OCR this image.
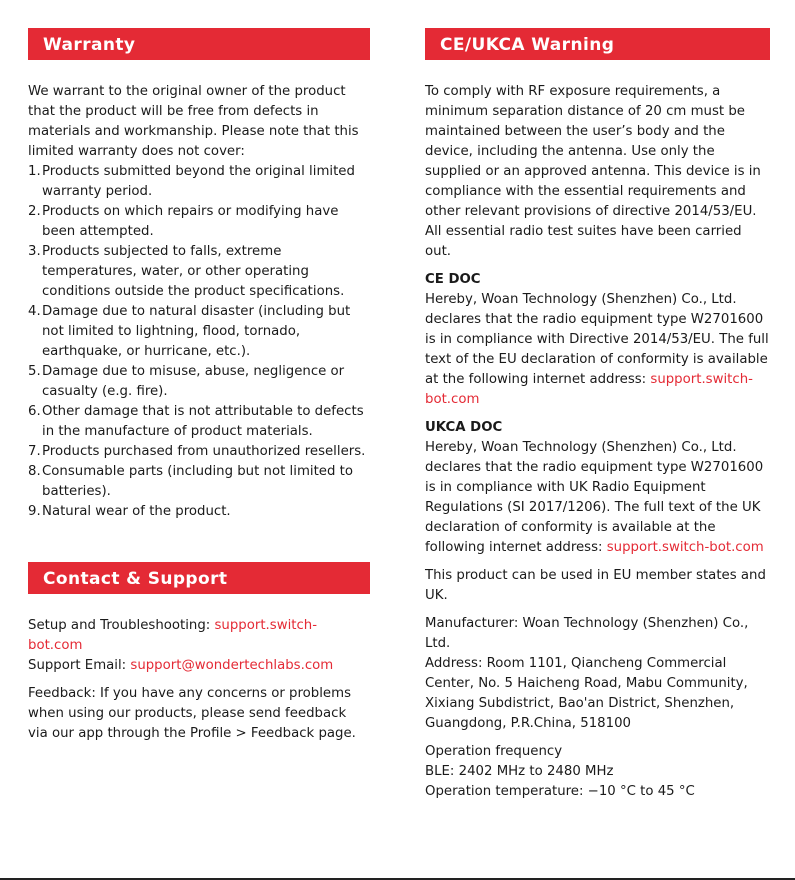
Warranty

We warrant to the original owner of the product that the product will be free from defects in materials and workmanship. Please note that this limited warranty does not cover:

1.Products submitted beyond the original limited warranty period.
2.Products on which repairs or modifying have been attempted.
3.Products subjected to falls, extreme temperatures, water, or other operating conditions outside the product specifications.
4.Damage due to natural disaster (including but not limited to lightning, flood, tornado, earthquake, or hurricane, etc.).
5.Damage due to misuse, abuse, negligence or casualty (e.g. fire).
6.Other damage that is not attributable to defects in the manufacture of product materials.
7.Products purchased from unauthorized resellers.
8.Consumable parts (including but not limited to batteries).
9.Natural wear of the product.
Contact & Support

Setup and Troubleshooting: support.switch-bot.com

Support Email: support@wondertechlabs.com

Feedback: If you have any concerns or problems when using our products, please send feedback via our app through the Profile > Feedback page.

CE/UKCA Warning

To comply with RF exposure requirements, a minimum separation distance of 20 cm must be maintained between the user’s body and the device, including the antenna. Use only the supplied or an approved antenna. This device is in compliance with the essential requirements and other relevant provisions of directive 2014/53/EU. All essential radio test suites have been carried out.

CE DOC

Hereby, Woan Technology (Shenzhen) Co., Ltd. declares that the radio equipment type W2701600 is in compliance with Directive 2014/53/EU. The full text of the EU declaration of conformity is available at the following internet address: support.switch-bot.com

UKCA DOC

Hereby, Woan Technology (Shenzhen) Co., Ltd. declares that the radio equipment type W2701600 is in compliance with UK Radio Equipment Regulations (SI 2017/1206). The full text of the UK declaration of conformity is available at the following internet address: support.switch-bot.com

This product can be used in EU member states and UK.

Manufacturer: Woan Technology (Shenzhen) Co., Ltd.

Address: Room 1101, Qiancheng Commercial Center, No. 5 Haicheng Road, Mabu Community, Xixiang Subdistrict, Bao'an District, Shenzhen, Guangdong, P.R.China, 518100

Operation frequency

BLE: 2402 MHz to 2480 MHz

Operation temperature: −10 °C to 45 °C
